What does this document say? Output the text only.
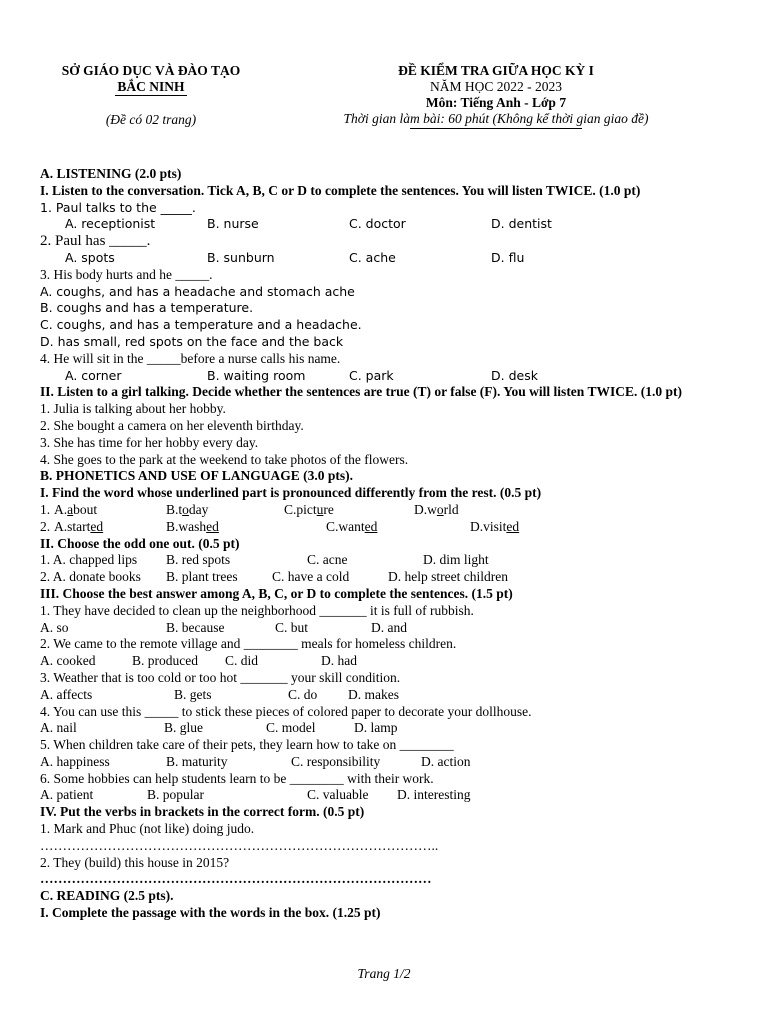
SỞ GIÁO DỤC VÀ ĐÀO TẠO
BẮC NINH
(Đề có 02 trang)
ĐỀ KIỂM TRA GIỮA HỌC KỲ I
NĂM HỌC 2022 - 2023
Môn: Tiếng Anh - Lớp 7
Thời gian làm bài: 60 phút (Không kể thời gian giao đề)
A. LISTENING (2.0 pts)
I. Listen to the conversation. Tick A, B, C or D to complete the sentences. You will listen TWICE. (1.0 pt)
1. Paul talks to the _____.
A. receptionist	B. nurse	C. doctor	D. dentist
2. Paul has _____.
A. spots	B. sunburn	C. ache	D. flu
3. His body hurts and he _____.
A. coughs, and has a headache and stomach ache
B. coughs and has a temperature.
C. coughs, and has a temperature and a headache.
D. has small, red spots on the face and the back
4. He will sit in the _____before a nurse calls his name.
A. corner	B. waiting room	C. park	D. desk
II. Listen to a girl talking. Decide whether the sentences are true (T) or false (F). You will listen TWICE. (1.0 pt)
1. Julia is talking about her hobby.
2. She bought a camera on her eleventh birthday.
3. She has time for her hobby every day.
4. She goes to the park at the weekend to take photos of the flowers.
B. PHONETICS AND USE OF LANGUAGE (3.0 pts).
I. Find the word whose underlined part is pronounced differently from the rest. (0.5 pt)
1. A.about	B.today	C.picture	D.world
2. A.started	B.washed	C.wanted	D.visited
II. Choose the odd one out. (0.5 pt)
1. A. chapped lips	B. red spots	C. acne	D. dim light
2. A. donate books	B. plant trees	C. have a cold	D. help street children
III. Choose the best answer among A, B, C, or D to complete the sentences. (1.5 pt)
1. They have decided to clean up the neighborhood _______ it is full of rubbish.
A. so	B. because	C. but	D. and
2. We came to the remote village and ________ meals for homeless children.
A. cooked	B. produced	C. did	D. had
3. Weather that is too cold or too hot _______ your skill condition.
A. affects	B. gets	C. do	D. makes
4. You can use this _____ to stick these pieces of colored paper to decorate your dollhouse.
A. nail	B. glue	C. model	D. lamp
5. When children take care of their pets, they learn how to take on ________
A. happiness	B. maturity	C. responsibility	D. action
6. Some hobbies can help students learn to be ________ with their work.
A. patient	B. popular	C. valuable	D. interesting
IV. Put the verbs in brackets in the correct form. (0.5 pt)
1. Mark and Phuc (not like) doing judo.
……………………………………………………………………………..
2. They (build) this house in 2015?
……………………………………………………………………………
C. READING (2.5 pts).
I. Complete the passage with the words in the box. (1.25 pt)
Trang 1/2
